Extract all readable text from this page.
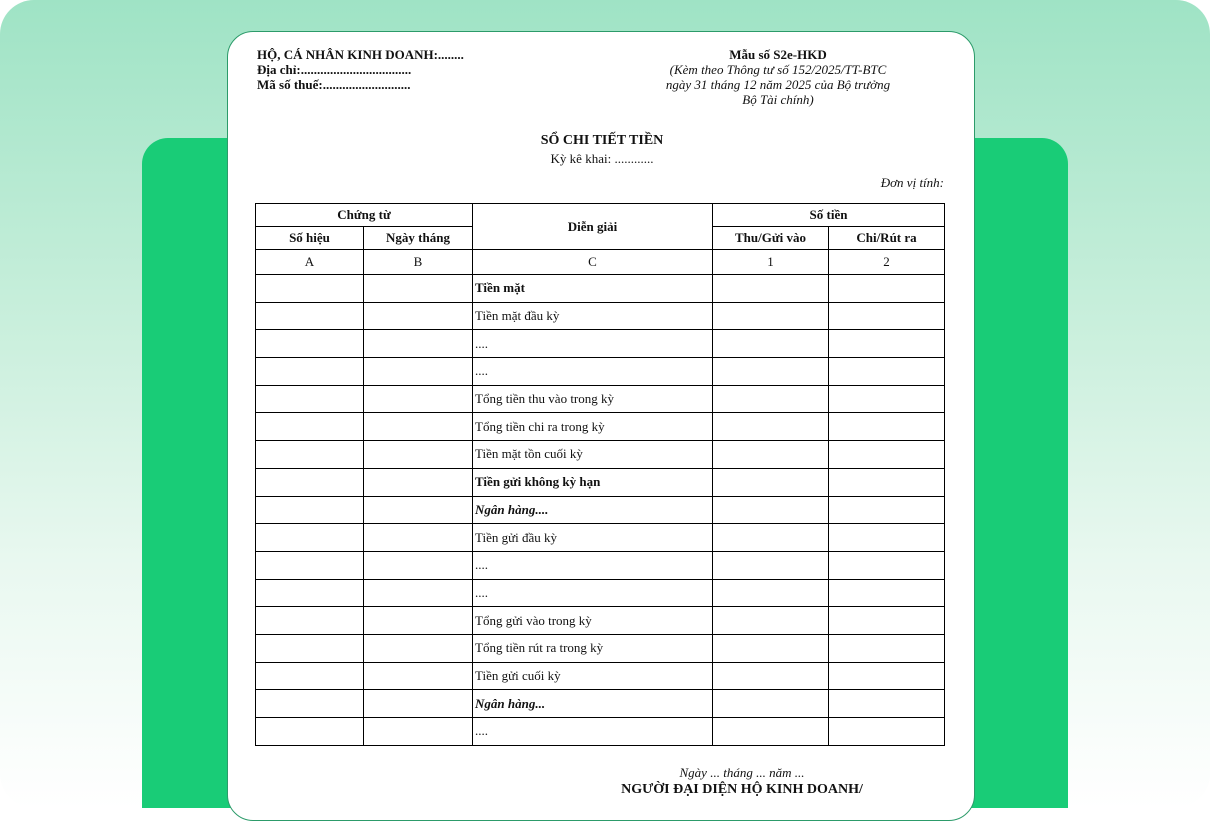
HỘ, CÁ NHÂN KINH DOANH:........
Địa chỉ:..................................
Mã số thuế:...........................
Mẫu số S2e-HKD
(Kèm theo Thông tư số 152/2025/TT-BTC
ngày 31 tháng 12 năm 2025 của Bộ trưởng
Bộ Tài chính)
SỔ CHI TIẾT TIỀN
Kỳ kê khai: ............
Đơn vị tính:
Chứng từ		Diễn giải	Số tiền	
Số hiệu	Ngày tháng		Thu/Gửi vào	Chi/Rút ra
A	B	C	1	2
		Tiền mặt		
		Tiền mặt đầu kỳ		
		....		
		....		
		Tổng tiền thu vào trong kỳ		
		Tổng tiền chi ra trong kỳ		
		Tiền mặt tồn cuối kỳ		
		Tiền gửi không kỳ hạn		
		Ngân hàng....		
		Tiền gửi đầu kỳ		
		....		
		....		
		Tổng gửi vào trong kỳ		
		Tổng tiền rút ra trong kỳ		
		Tiền gửi cuối kỳ		
		Ngân hàng...		
		....		
Ngày ... tháng ... năm ...
NGƯỜI ĐẠI DIỆN HỘ KINH DOANH/
